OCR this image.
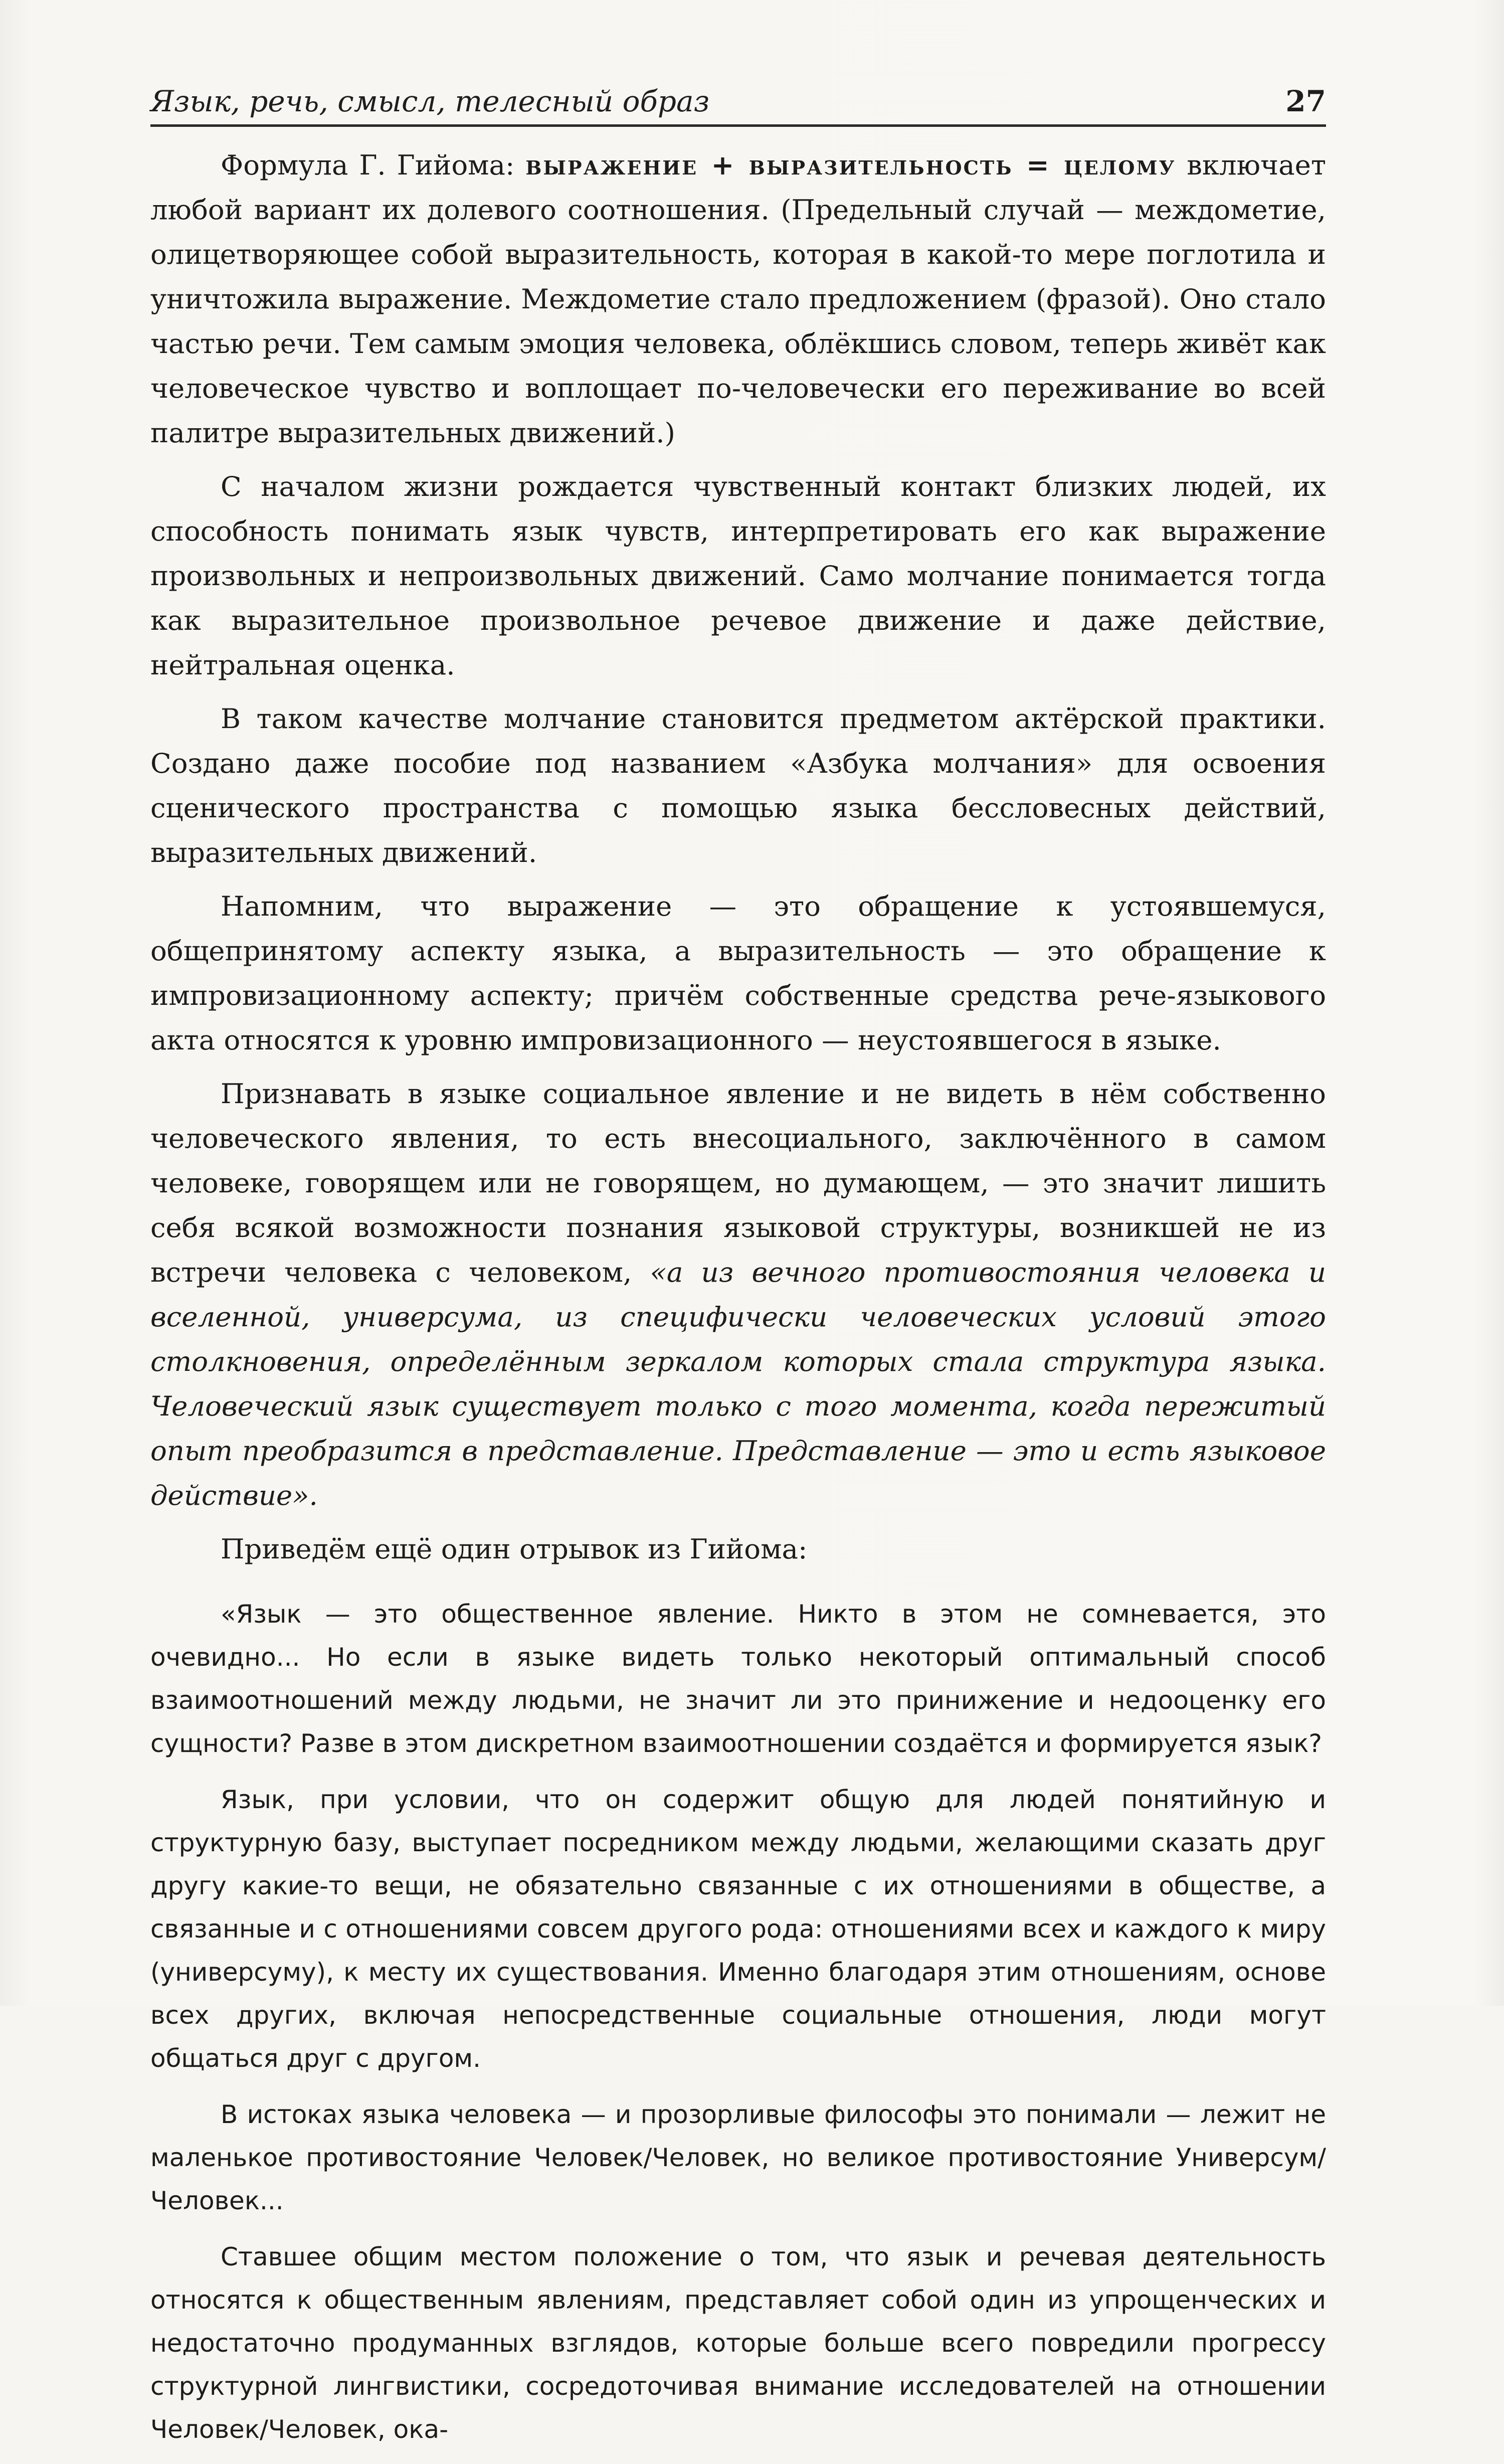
Язык, речь, смысл, телесный образ	27

Формула Г. Гийома: выражение + выразительность = целому включает любой вариант их долевого соотношения. (Предельный случай — междометие, олицетворяющее собой выразительность, которая в какой-то мере поглотила и уничтожила выражение. Междометие стало предложением (фразой). Оно стало частью речи. Тем самым эмоция человека, облёкшись словом, теперь живёт как человеческое чувство и воплощает по-человечески его переживание во всей палитре выразительных движений.)

С началом жизни рождается чувственный контакт близких людей, их способность понимать язык чувств, интерпретировать его как выражение произвольных и непроизвольных движений. Само молчание понимается тогда как выразительное произвольное речевое движение и даже действие, нейтральная оценка.

В таком качестве молчание становится предметом актёрской практики. Создано даже пособие под названием «Азбука молчания» для освоения сценического пространства с помощью языка бессловесных действий, выразительных движений.

Напомним, что выражение — это обращение к устоявшемуся, общепринятому аспекту языка, а выразительность — это обращение к импровизационному аспекту; причём собственные средства рече-языкового акта относятся к уровню импровизационного — неустоявшегося в языке.

Признавать в языке социальное явление и не видеть в нём собственно человеческого явления, то есть внесоциального, заключённого в самом человеке, говорящем или не говорящем, но думающем, — это значит лишить себя всякой возможности познания языковой структуры, возникшей не из встречи человека с человеком, «а из вечного противостояния человека и вселенной, универсума, из специфически человеческих условий этого столкновения, определённым зеркалом которых стала структура языка. Человеческий язык существует только с того момента, когда пережитый опыт преобразится в представление. Представление — это и есть языковое действие».

Приведём ещё один отрывок из Гийома:

«Язык — это общественное явление. Никто в этом не сомневается, это очевидно... Но если в языке видеть только некоторый оптимальный способ взаимоотношений между людьми, не значит ли это принижение и недооценку его сущности? Разве в этом дискретном взаимоотношении создаётся и формируется язык?

Язык, при условии, что он содержит общую для людей понятийную и структурную базу, выступает посредником между людьми, желающими сказать друг другу какие-то вещи, не обязательно связанные с их отношениями в обществе, а связанные и с отношениями совсем другого рода: отношениями всех и каждого к миру (универсуму), к месту их существования. Именно благодаря этим отношениям, основе всех других, включая непосредственные социальные отношения, люди могут общаться друг с другом.

В истоках языка человека — и прозорливые философы это понимали — лежит не маленькое противостояние Человек/Человек, но великое противостояние Универсум/Человек...

Ставшее общим местом положение о том, что язык и речевая деятельность относятся к общественным явлениям, представляет собой один из упрощенческих и недостаточно продуманных взглядов, которые больше всего повредили прогрессу структурной лингвистики, сосредоточивая внимание исследователей на отношении Человек/Человек, ока-
